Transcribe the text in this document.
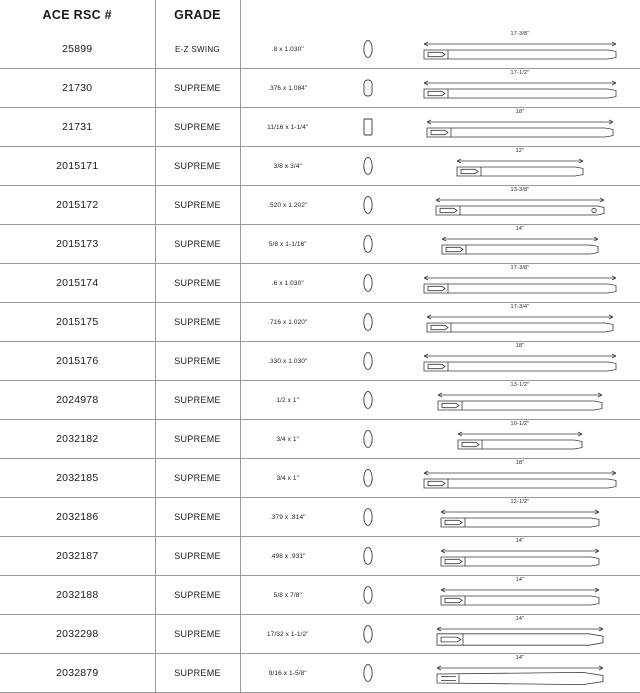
ACE RSC #	GRADE			
25899	E-Z SWING	.8 x 1.030"		17-3/8"

21730	SUPREME	.376 x 1.084"		17-1/2"

21731	SUPREME	11/16 x 1-1/4"		18"

2015171	SUPREME	3/8 x 3/4"		12"

2015172	SUPREME	.520 x 1.202"		13-3/8"

2015173	SUPREME	5/8 x 1-1/16"		14"

2015174	SUPREME	.6 x 1.030"		17-3/8"

2015175	SUPREME	.716 x 1.020"		17-3/4"

2015176	SUPREME	.330 x 1.030"		18"

2024978	SUPREME	1/2 x 1"		13-1/2"

2032182	SUPREME	3/4 x 1"		10-1/2"

2032185	SUPREME	3/4 x 1"		18"

2032186	SUPREME	.379 x .814"		12-1/2"

2032187	SUPREME	.498 x .931"		14"

2032188	SUPREME	5/8 x 7/8"		14"

2032298	SUPREME	17/32 x 1-1/2"		14"

2032879	SUPREME	9/16 x 1-5/8"		14"
